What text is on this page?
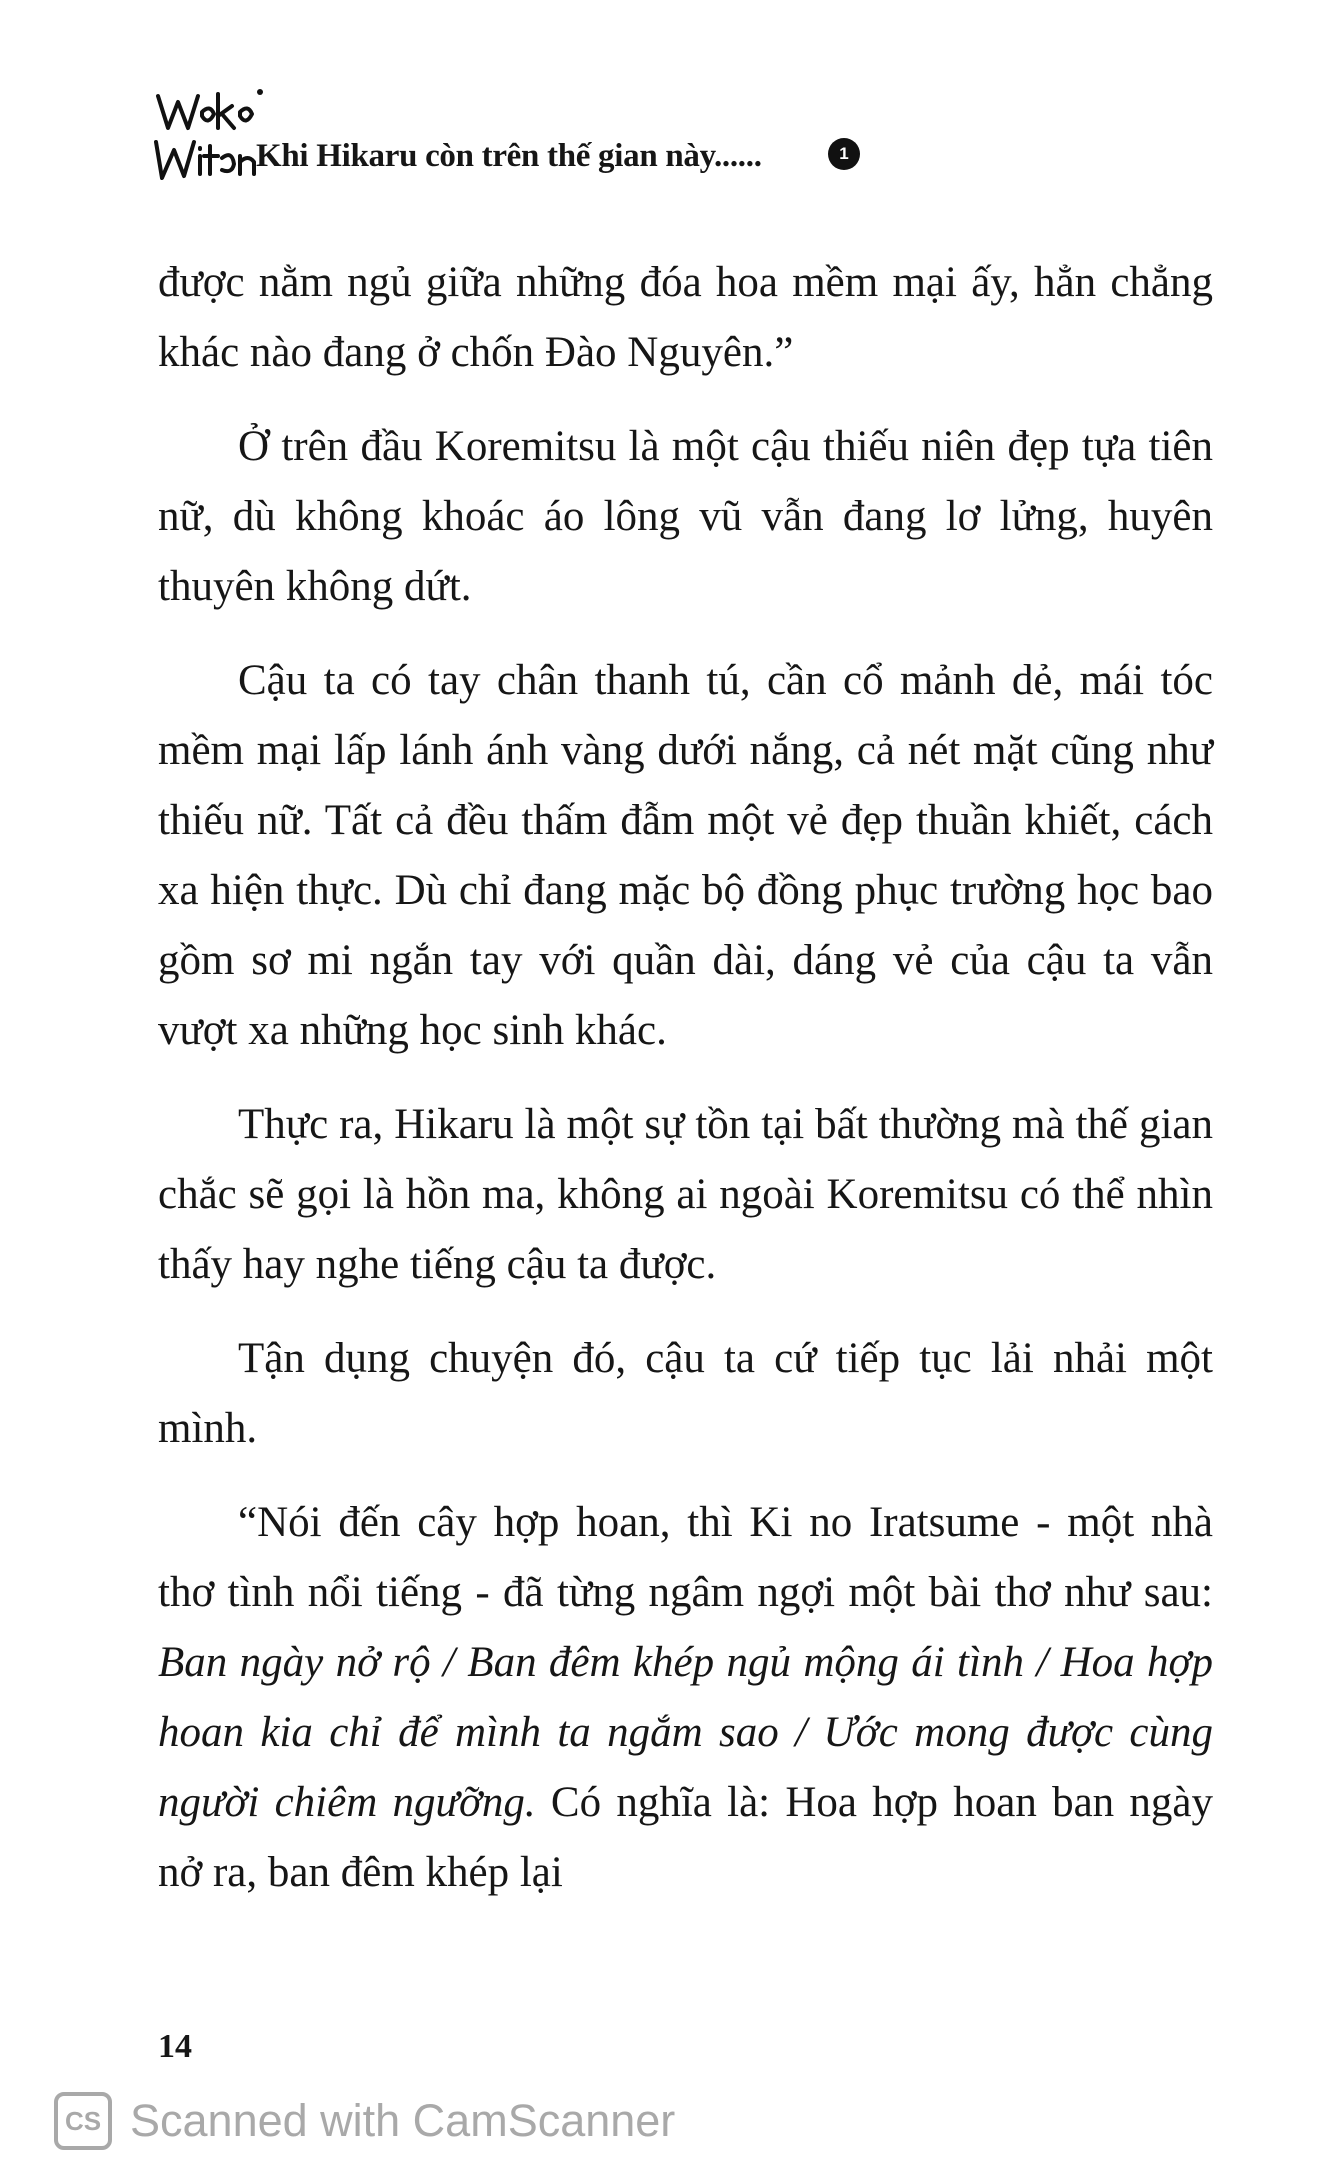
Khi Hikaru còn trên thế gian này......	1

được nằm ngủ giữa những đóa hoa mềm mại ấy, hẳn chẳng khác nào đang ở chốn Đào Nguyên.”

Ở trên đầu Koremitsu là một cậu thiếu niên đẹp tựa tiên nữ, dù không khoác áo lông vũ vẫn đang lơ lửng, huyên thuyên không dứt.

Cậu ta có tay chân thanh tú, cần cổ mảnh dẻ, mái tóc mềm mại lấp lánh ánh vàng dưới nắng, cả nét mặt cũng như thiếu nữ. Tất cả đều thấm đẫm một vẻ đẹp thuần khiết, cách xa hiện thực. Dù chỉ đang mặc bộ đồng phục trường học bao gồm sơ mi ngắn tay với quần dài, dáng vẻ của cậu ta vẫn vượt xa những học sinh khác.

Thực ra, Hikaru là một sự tồn tại bất thường mà thế gian chắc sẽ gọi là hồn ma, không ai ngoài Koremitsu có thể nhìn thấy hay nghe tiếng cậu ta được.

Tận dụng chuyện đó, cậu ta cứ tiếp tục lải nhải một mình.

“Nói đến cây hợp hoan, thì Ki no Iratsume - một nhà thơ tình nổi tiếng - đã từng ngâm ngợi một bài thơ như sau: Ban ngày nở rộ / Ban đêm khép ngủ mộng ái tình / Hoa hợp hoan kia chỉ để mình ta ngắm sao / Ước mong được cùng người chiêm ngưỡng. Có nghĩa là: Hoa hợp hoan ban ngày nở ra, ban đêm khép lại

14
CS Scanned with CamScanner
